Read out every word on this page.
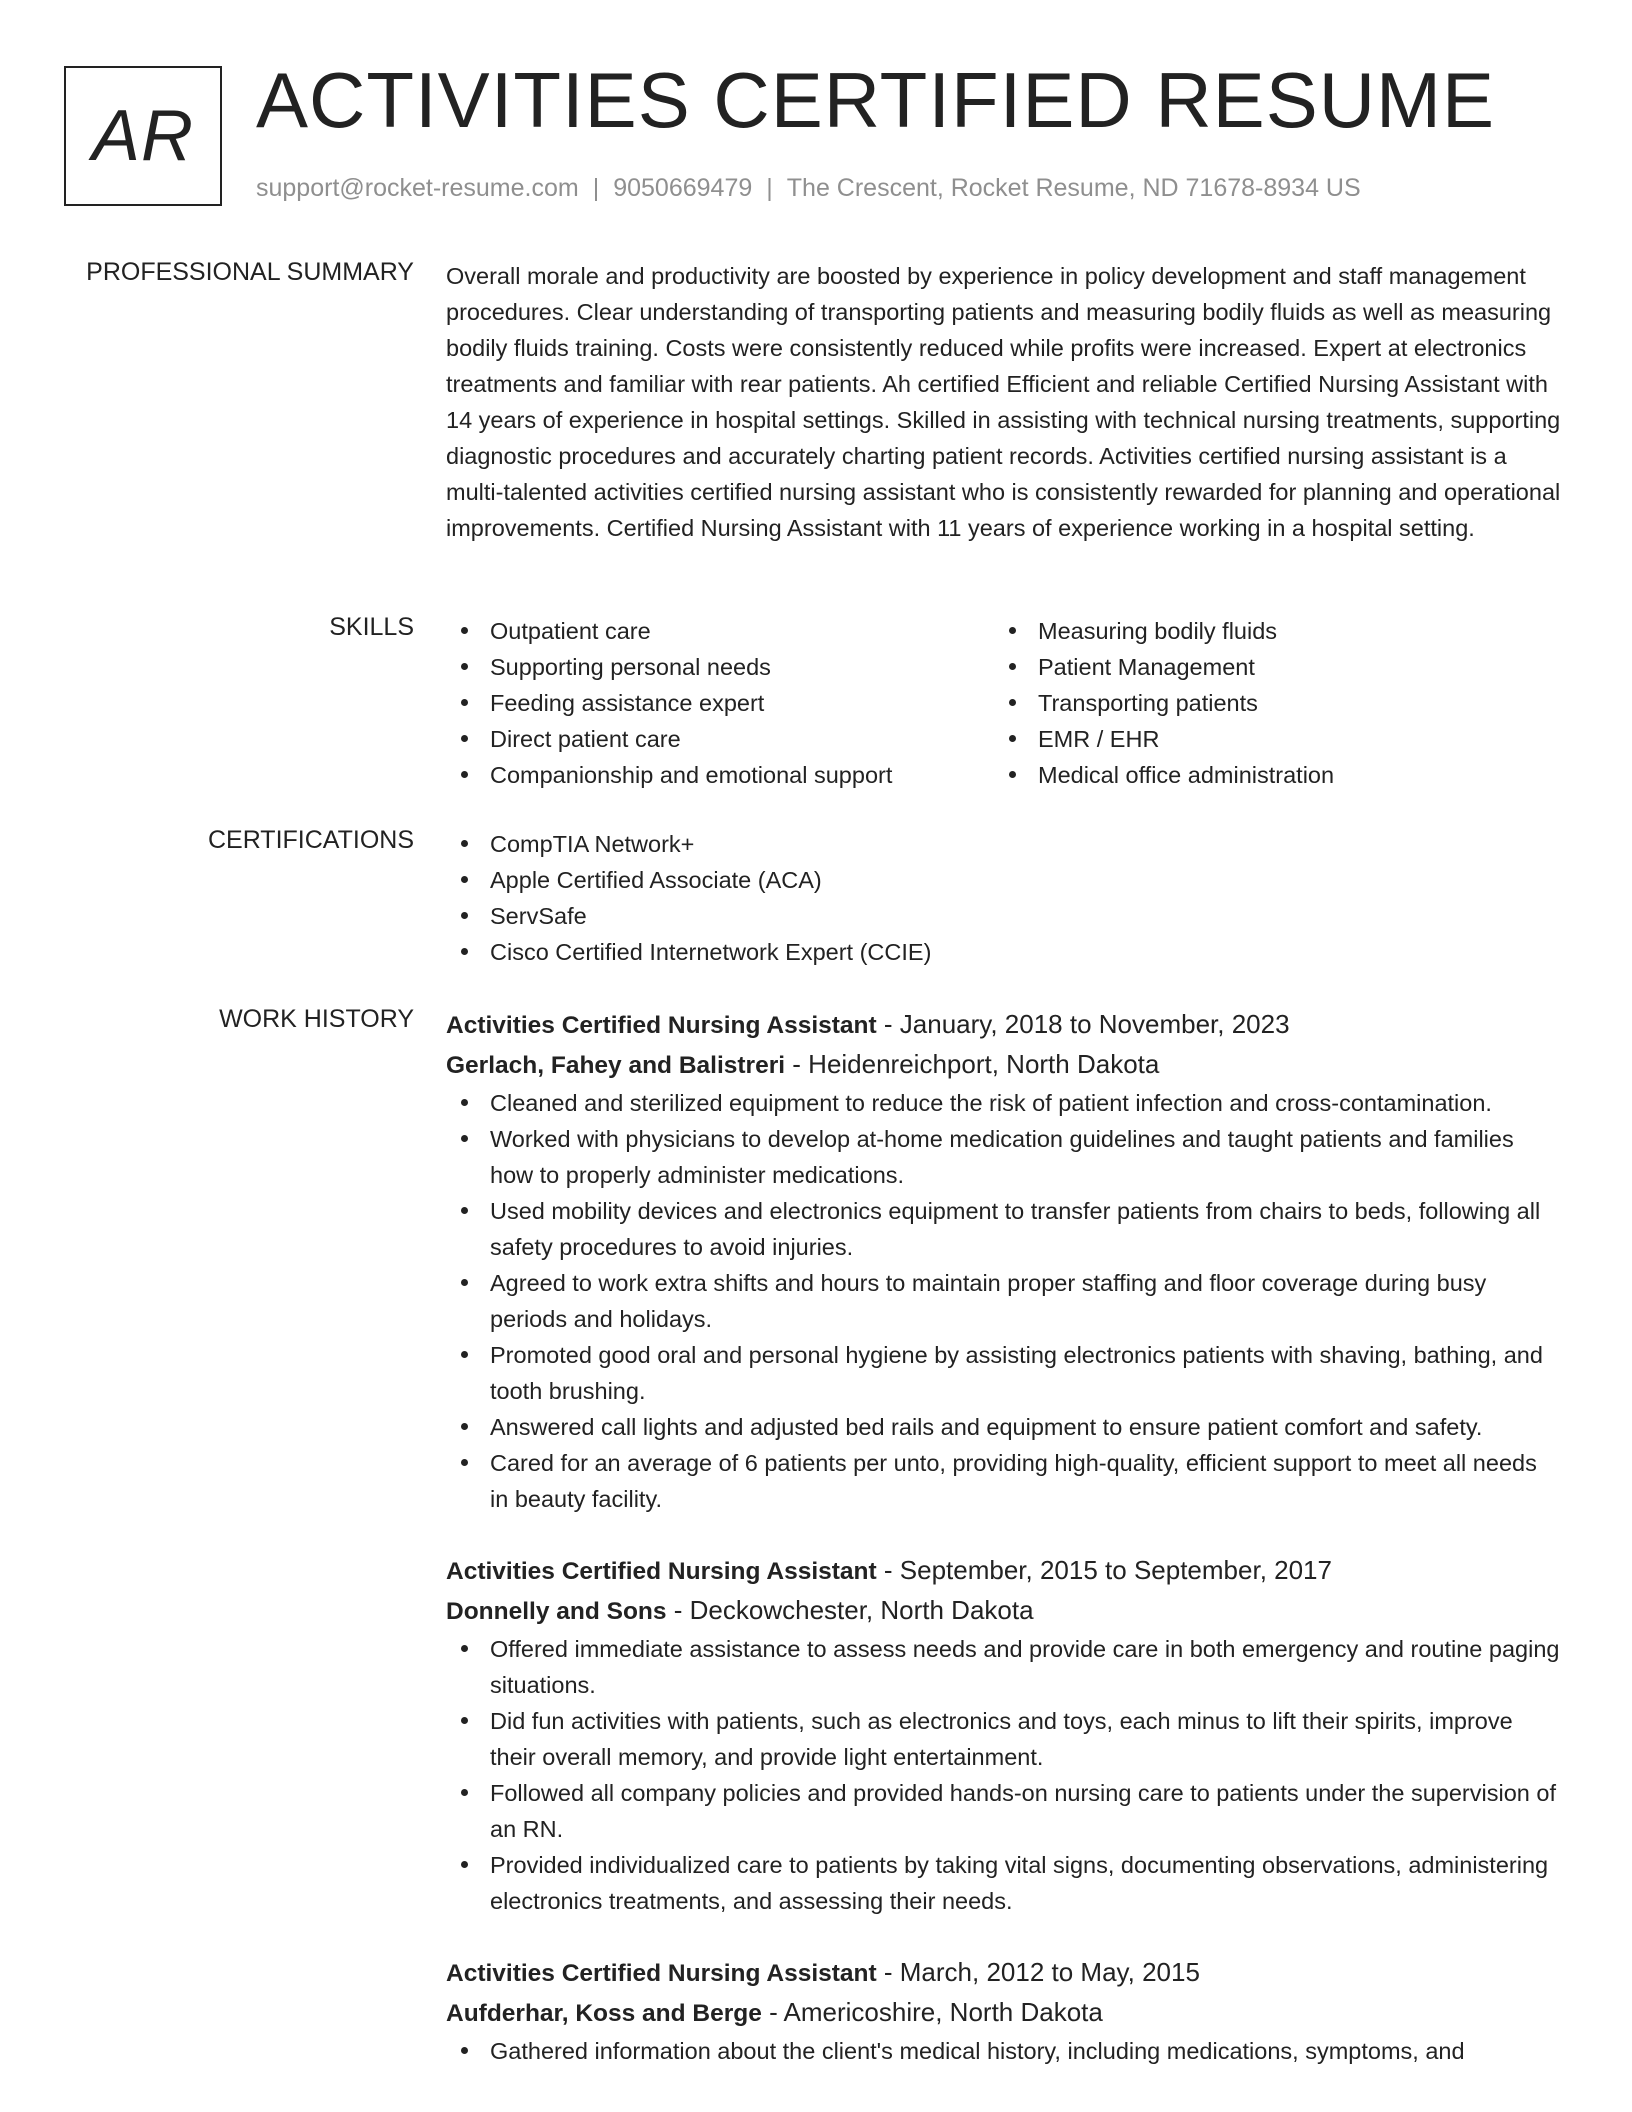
AR ACTIVITIES CERTIFIED RESUME
support@rocket-resume.com | 9050669479 | The Crescent, Rocket Resume, ND 71678-8934 US
PROFESSIONAL SUMMARY Overall morale and productivity are boosted by experience in policy development and staff management procedures. Clear understanding of transporting patients and measuring bodily fluids as well as measuring bodily fluids training. Costs were consistently reduced while profits were increased. Expert at electronics treatments and familiar with rear patients. Ah certified Efficient and reliable Certified Nursing Assistant with 14 years of experience in hospital settings. Skilled in assisting with technical nursing treatments, supporting diagnostic procedures and accurately charting patient records. Activities certified nursing assistant is a multi-talented activities certified nursing assistant who is consistently rewarded for planning and operational improvements. Certified Nursing Assistant with 11 years of experience working in a hospital setting.

SKILLS	Outpatient care
Supporting personal needs
Feeding assistance expert
Direct patient care
Companionship and emotional support
Measuring bodily fluids
Patient Management
Transporting patients
EMR / EHR
Medical office administration
CERTIFICATIONS	CompTIA Network+
Apple Certified Associate (ACA)
ServSafe
Cisco Certified Internetwork Expert (CCIE)
WORK HISTORY Activities Certified Nursing Assistant - January, 2018 to November, 2023
Gerlach, Fahey and Balistreri - Heidenreichport, North Dakota
Cleaned and sterilized equipment to reduce the risk of patient infection and cross-contamination.
Worked with physicians to develop at-home medication guidelines and taught patients and families how to properly administer medications.
Used mobility devices and electronics equipment to transfer patients from chairs to beds, following all safety procedures to avoid injuries.
Agreed to work extra shifts and hours to maintain proper staffing and floor coverage during busy periods and holidays.
Promoted good oral and personal hygiene by assisting electronics patients with shaving, bathing, and tooth brushing.
Answered call lights and adjusted bed rails and equipment to ensure patient comfort and safety.
Cared for an average of 6 patients per unto, providing high-quality, efficient support to meet all needs in beauty facility.
Activities Certified Nursing Assistant - September, 2015 to September, 2017
Donnelly and Sons - Deckowchester, North Dakota
Offered immediate assistance to assess needs and provide care in both emergency and routine paging situations.
Did fun activities with patients, such as electronics and toys, each minus to lift their spirits, improve their overall memory, and provide light entertainment.
Followed all company policies and provided hands-on nursing care to patients under the supervision of an RN.
Provided individualized care to patients by taking vital signs, documenting observations, administering electronics treatments, and assessing their needs.
Activities Certified Nursing Assistant - March, 2012 to May, 2015
Aufderhar, Koss and Berge - Americoshire, North Dakota
Gathered information about the client's medical history, including medications, symptoms, and
